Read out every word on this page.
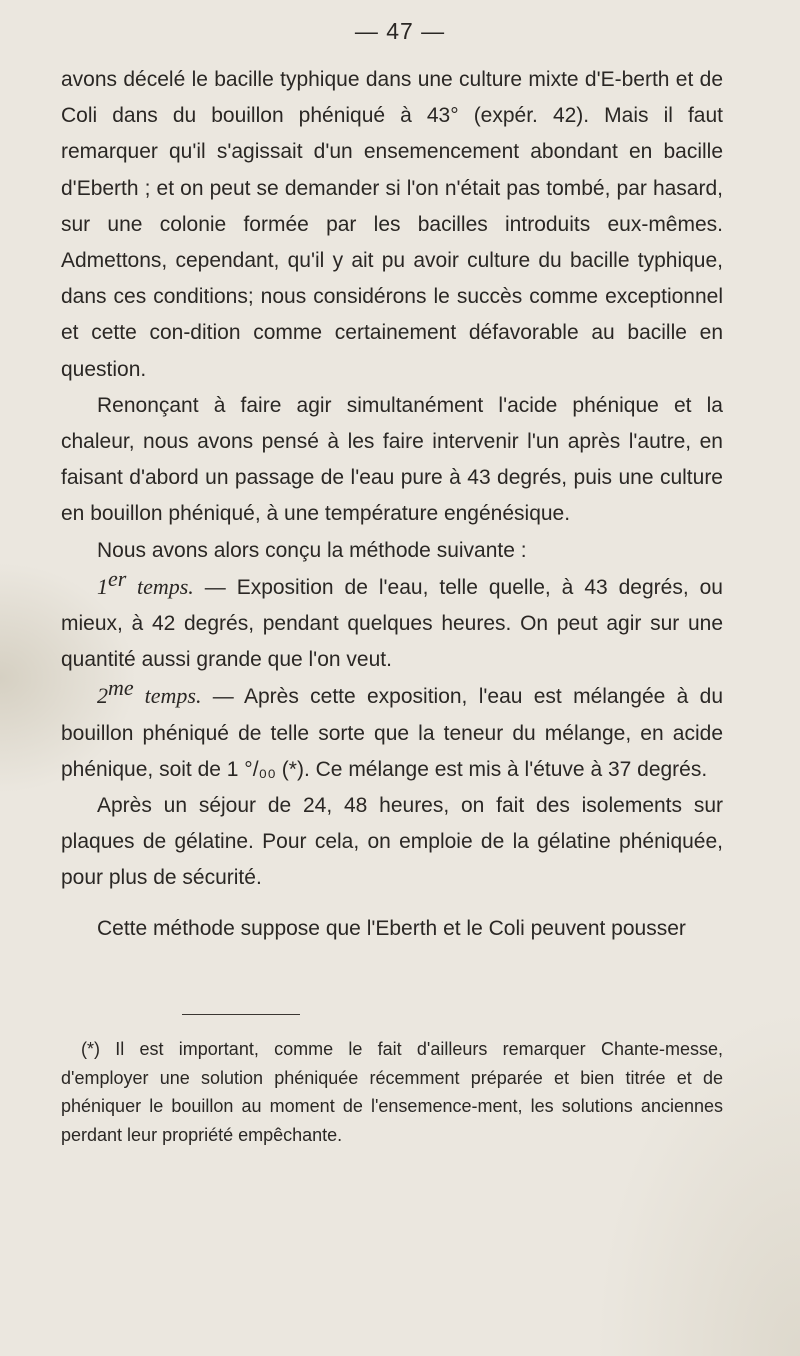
— 47 —

avons décelé le bacille typhique dans une culture mixte d'E-berth et de Coli dans du bouillon phéniqué à 43° (expér. 42). Mais il faut remarquer qu'il s'agissait d'un ensemencement abondant en bacille d'Eberth ; et on peut se demander si l'on n'était pas tombé, par hasard, sur une colonie formée par les bacilles introduits eux-mêmes. Admettons, cependant, qu'il y ait pu avoir culture du bacille typhique, dans ces conditions; nous considérons le succès comme exceptionnel et cette con-dition comme certainement défavorable au bacille en question.

Renonçant à faire agir simultanément l'acide phénique et la chaleur, nous avons pensé à les faire intervenir l'un après l'autre, en faisant d'abord un passage de l'eau pure à 43 degrés, puis une culture en bouillon phéniqué, à une température engénésique.

Nous avons alors conçu la méthode suivante :

1er temps. — Exposition de l'eau, telle quelle, à 43 degrés, ou mieux, à 42 degrés, pendant quelques heures. On peut agir sur une quantité aussi grande que l'on veut.

$2^{me}$ temps. — Après cette exposition, l'eau est mélangée à du bouillon phéniqué de telle sorte que la teneur du mélange, en acide phénique, soit de 1 °/₀₀ (*). Ce mélange est mis à l'étuve à 37 degrés.

Après un séjour de 24, 48 heures, on fait des isolements sur plaques de gélatine. Pour cela, on emploie de la gélatine phéniquée, pour plus de sécurité.

Cette méthode suppose que l'Eberth et le Coli peuvent pousser

(*) Il est important, comme le fait d'ailleurs remarquer Chante-messe, d'employer une solution phéniquée récemment préparée et bien titrée et de phéniquer le bouillon au moment de l'ensemence-ment, les solutions anciennes perdant leur propriété empêchante.
